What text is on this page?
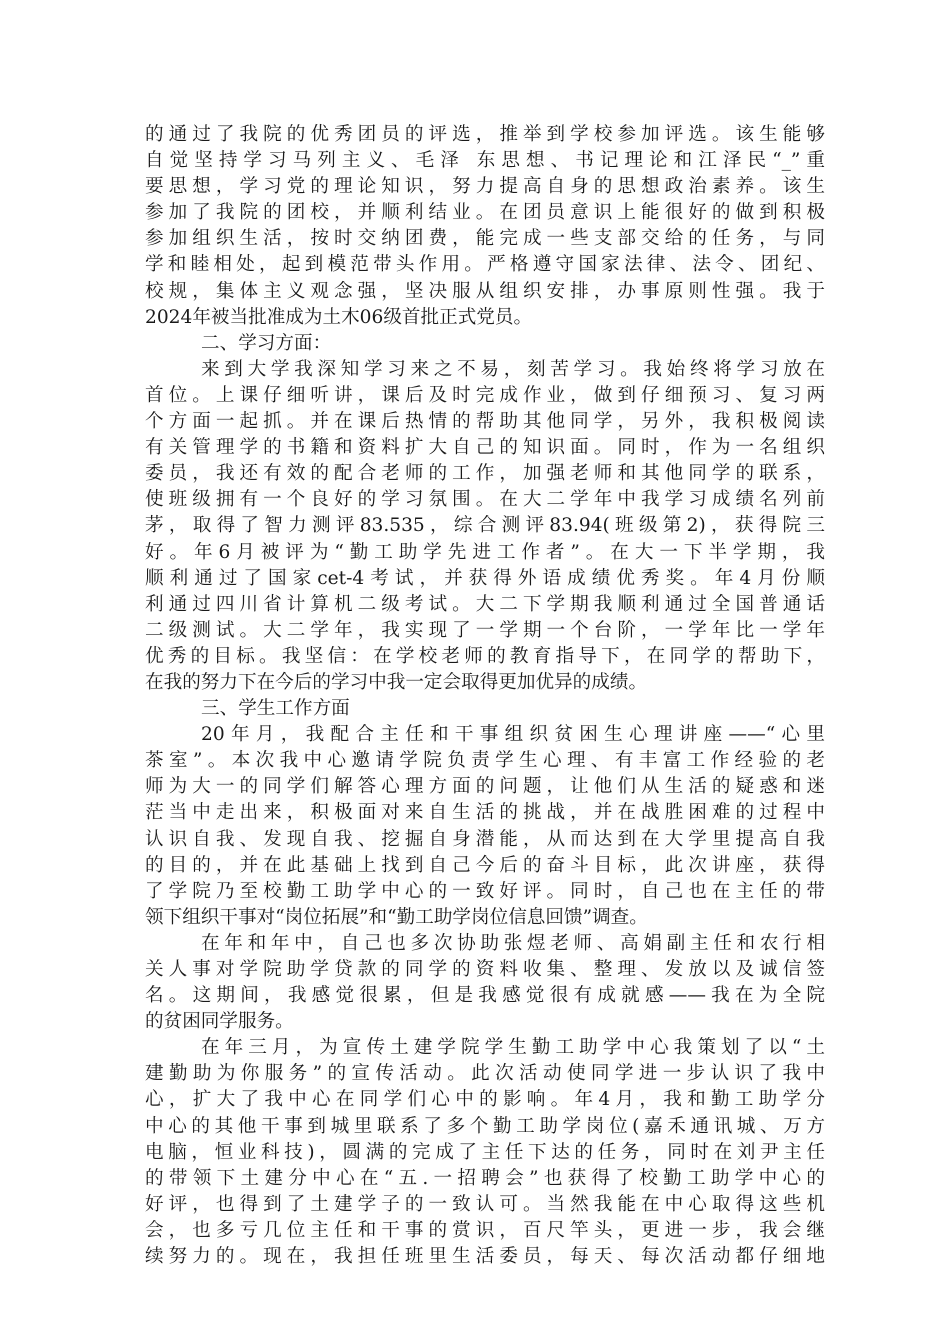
的通过了我院的优秀团员的评选，推举到学校参加评选。该生能够
自觉坚持学习马列主义、毛泽 东思想、书记理论和江泽民“_”重
要思想，学习党的理论知识，努力提高自身的思想政治素养。该生
参加了我院的团校，并顺利结业。在团员意识上能很好的做到积极
参加组织生活，按时交纳团费，能完成一些支部交给的任务，与同
学和睦相处，起到模范带头作用。严格遵守国家法律、法令、团纪、
校规，集体主义观念强，坚决服从组织安排，办事原则性强。我于
2024年被当批准成为土木06级首批正式党员。
二、学习方面：
来到大学我深知学习来之不易，刻苦学习。我始终将学习放在
首位。上课仔细听讲，课后及时完成作业，做到仔细预习、复习两
个方面一起抓。并在课后热情的帮助其他同学，另外，我积极阅读
有关管理学的书籍和资料扩大自己的知识面。同时，作为一名组织
委员，我还有效的配合老师的工作，加强老师和其他同学的联系，
使班级拥有一个良好的学习氛围。在大二学年中我学习成绩名列前
茅，取得了智力测评83.535，综合测评83.94(班级第2)，获得院三
好。年6月被评为“勤工助学先进工作者”。在大一下半学期，我
顺利通过了国家cet-4考试，并获得外语成绩优秀奖。年4月份顺
利通过四川省计算机二级考试。大二下学期我顺利通过全国普通话
二级测试。大二学年，我实现了一学期一个台阶，一学年比一学年
优秀的目标。我坚信：在学校老师的教育指导下，在同学的帮助下，
在我的努力下在今后的学习中我一定会取得更加优异的成绩。
三、学生工作方面
20年月，我配合主任和干事组织贫困生心理讲座——“心里
茶室”。本次我中心邀请学院负责学生心理、有丰富工作经验的老
师为大一的同学们解答心理方面的问题，让他们从生活的疑惑和迷
茫当中走出来，积极面对来自生活的挑战，并在战胜困难的过程中
认识自我、发现自我、挖掘自身潜能，从而达到在大学里提高自我
的目的，并在此基础上找到自己今后的奋斗目标，此次讲座，获得
了学院乃至校勤工助学中心的一致好评。同时，自己也在主任的带
领下组织干事对“岗位拓展”和“勤工助学岗位信息回馈”调查。
在年和年中，自己也多次协助张煜老师、高娟副主任和农行相
关人事对学院助学贷款的同学的资料收集、整理、发放以及诚信签
名。这期间，我感觉很累，但是我感觉很有成就感——我在为全院
的贫困同学服务。
在年三月，为宣传土建学院学生勤工助学中心我策划了以“土
建勤助为你服务”的宣传活动。此次活动使同学进一步认识了我中
心，扩大了我中心在同学们心中的影响。年4月，我和勤工助学分
中心的其他干事到城里联系了多个勤工助学岗位(嘉禾通讯城、万方
电脑，恒业科技)，圆满的完成了主任下达的任务，同时在刘尹主任
的带领下土建分中心在“五.一招聘会”也获得了校勤工助学中心的
好评，也得到了土建学子的一致认可。当然我能在中心取得这些机
会，也多亏几位主任和干事的赏识，百尺竿头，更进一步，我会继
续努力的。现在，我担任班里生活委员，每天、每次活动都仔细地
